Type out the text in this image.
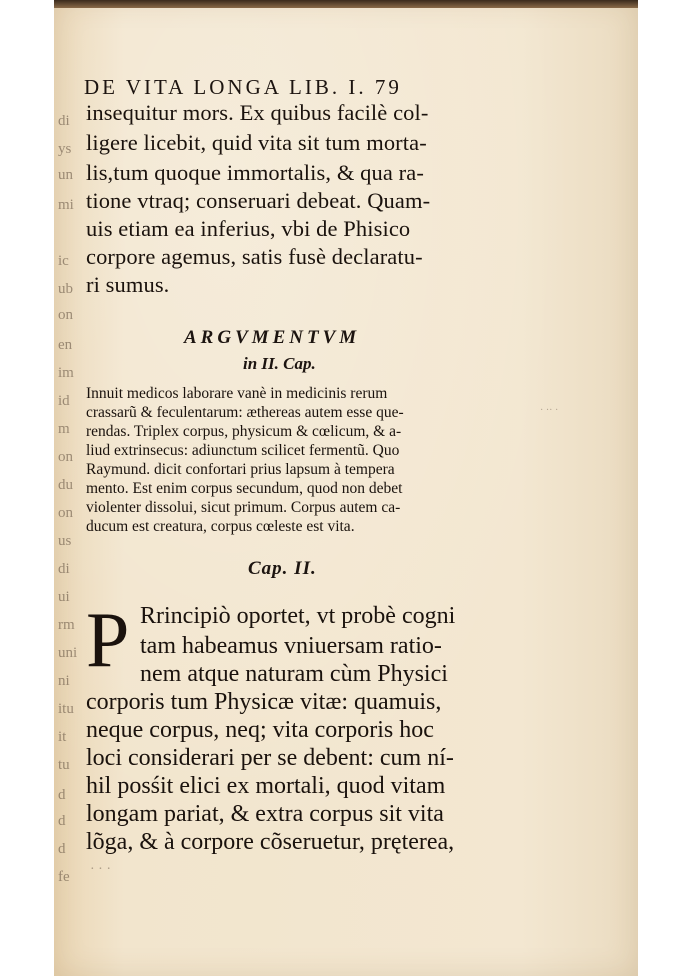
di
ys
un
mi
ic
ub
on
en
im
id
m
on
du
on
us
di
ui
rm
uni
ni
itu
it
tu
d
d
d
fe
DE VITA LONGA LIB. I. 79
insequitur mors. Ex quibus facilè col-
ligere licebit, quid vita sit tum morta-
lis,tum quoque immortalis, & qua ra-
tione vtraq; conseruari debeat. Quam-
uis etiam ea inferius, vbi de Phisico
corpore agemus, satis fusè declaratu-
ri sumus.
ARGVMENTVM
in II. Cap.
Innuit medicos laborare vanè in medicinis rerum
crassarũ & feculentarum: æthereas autem esse que-
rendas. Triplex corpus, physicum & cœlicum, & a-
liud extrinsecus: adiunctum scilicet fermentũ. Quo
Raymund. dicit confortari prius lapsum à tempera
mento. Est enim corpus secundum, quod non debet
violenter dissolui, sicut primum. Corpus autem ca-
ducum est creatura, corpus cœleste est vita.
· ·· ·
Cap. II.
P Rrincipiò oportet, vt probè cogni
tam habeamus vniuersam ratio-
nem atque naturam cùm Physici
corporis tum Physicæ vitæ: quamuis,
neque corpus, neq; vita corporis hoc
loci considerari per se debent: cum ní-
hil posśit elici ex mortali, quod vitam
longam pariat, & extra corpus sit vita
lõga, & à corpore cõseruetur, pręterea,
· · ·
